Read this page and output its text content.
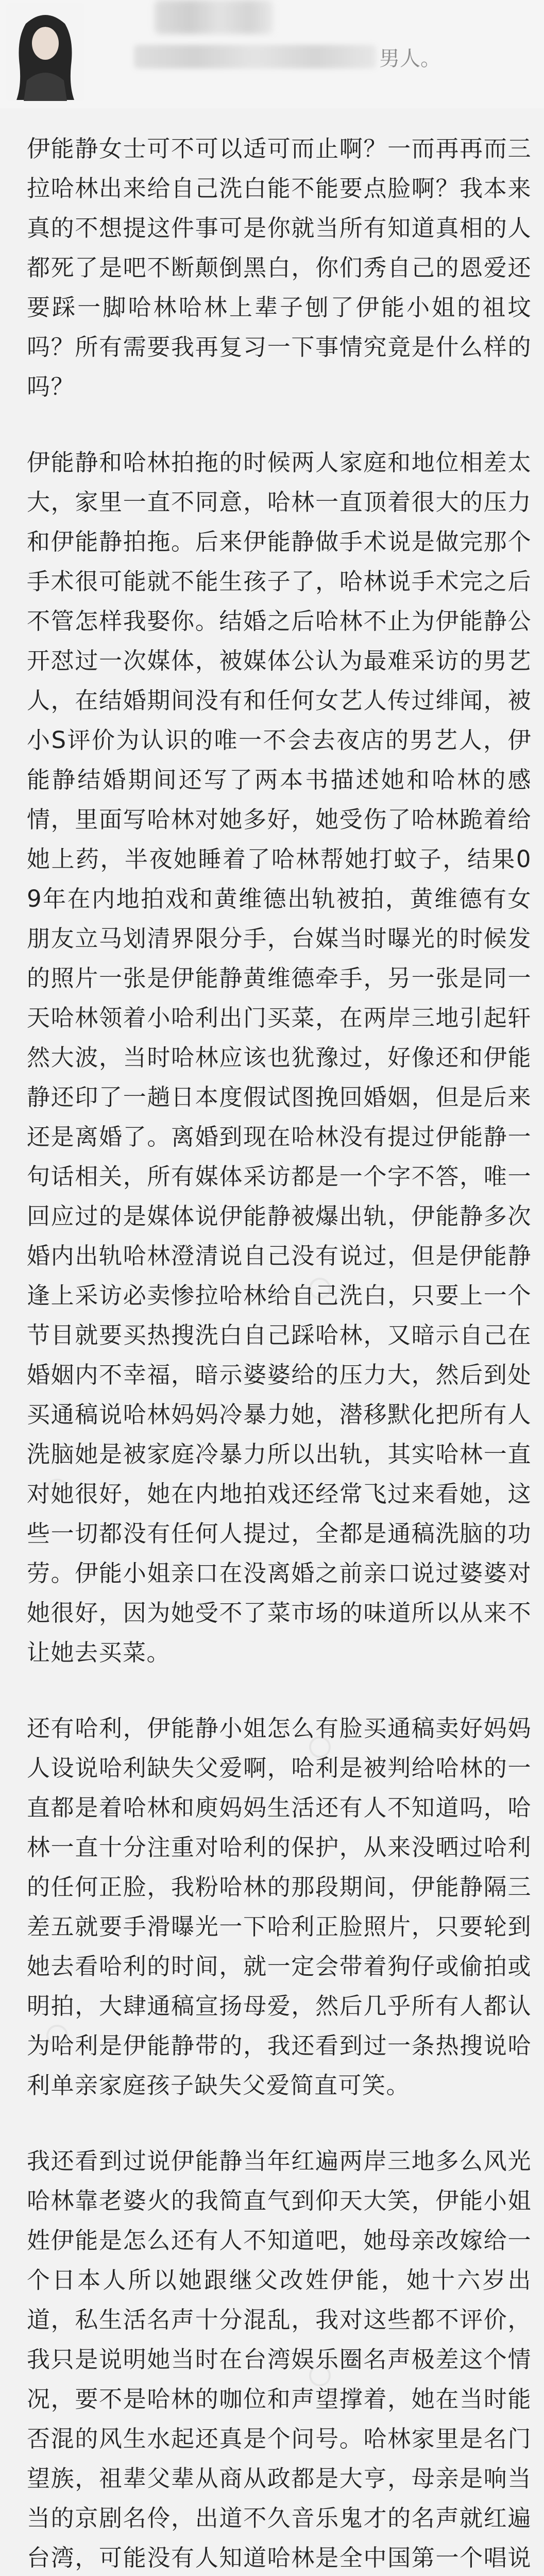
男人。

伊能静女士可不可以适可而止啊？一而再再而三拉哈林出来给自己洗白能不能要点脸啊？我本来真的不想提这件事可是你就当所有知道真相的人都死了是吧不断颠倒黑白，你们秀自己的恩爱还要踩一脚哈林哈林上辈子刨了伊能小姐的祖坟吗？所有需要我再复习一下事情究竟是什么样的吗？

伊能静和哈林拍拖的时候两人家庭和地位相差太大，家里一直不同意，哈林一直顶着很大的压力和伊能静拍拖。后来伊能静做手术说是做完那个手术很可能就不能生孩子了，哈林说手术完之后不管怎样我娶你。结婚之后哈林不止为伊能静公开怼过一次媒体，被媒体公认为最难采访的男艺人，在结婚期间没有和任何女艺人传过绯闻，被小S评价为认识的唯一不会去夜店的男艺人，伊能静结婚期间还写了两本书描述她和哈林的感情，里面写哈林对她多好，她受伤了哈林跪着给她上药，半夜她睡着了哈林帮她打蚊子，结果09年在内地拍戏和黄维德出轨被拍，黄维德有女朋友立马划清界限分手，台媒当时曝光的时候发的照片一张是伊能静黄维德牵手，另一张是同一天哈林领着小哈利出门买菜，在两岸三地引起轩然大波，当时哈林应该也犹豫过，好像还和伊能静还印了一趟日本度假试图挽回婚姻，但是后来还是离婚了。离婚到现在哈林没有提过伊能静一句话相关，所有媒体采访都是一个字不答，唯一回应过的是媒体说伊能静被爆出轨，伊能静多次婚内出轨哈林澄清说自己没有说过，但是伊能静逢上采访必卖惨拉哈林给自己洗白，只要上一个节目就要买热搜洗白自己踩哈林，又暗示自己在婚姻内不幸福，暗示婆婆给的压力大，然后到处买通稿说哈林妈妈冷暴力她，潜移默化把所有人洗脑她是被家庭冷暴力所以出轨，其实哈林一直对她很好，她在内地拍戏还经常飞过来看她，这些一切都没有任何人提过，全都是通稿洗脑的功劳。伊能小姐亲口在没离婚之前亲口说过婆婆对她很好，因为她受不了菜市场的味道所以从来不让她去买菜。

还有哈利，伊能静小姐怎么有脸买通稿卖好妈妈人设说哈利缺失父爱啊，哈利是被判给哈林的一直都是着哈林和庾妈妈生活还有人不知道吗，哈林一直十分注重对哈利的保护，从来没晒过哈利的任何正脸，我粉哈林的那段期间，伊能静隔三差五就要手滑曝光一下哈利正脸照片，只要轮到她去看哈利的时间，就一定会带着狗仔或偷拍或明拍，大肆通稿宣扬母爱，然后几乎所有人都认为哈利是伊能静带的，我还看到过一条热搜说哈利单亲家庭孩子缺失父爱简直可笑。

我还看到过说伊能静当年红遍两岸三地多么风光哈林靠老婆火的我简直气到仰天大笑，伊能小姐姓伊能是怎么还有人不知道吧，她母亲改嫁给一个日本人所以她跟继父改姓伊能，她十六岁出道，私生活名声十分混乱，我对这些都不评价，我只是说明她当时在台湾娱乐圈名声极差这个情况，要不是哈林的咖位和声望撑着，她在当时能否混的风生水起还真是个问号。哈林家里是名门望族，祖辈父辈从商从政都是大亨，母亲是响当当的京剧名伶，出道不久音乐鬼才的名声就红遍台湾，可能没有人知道哈林是全中国第一个唱说
